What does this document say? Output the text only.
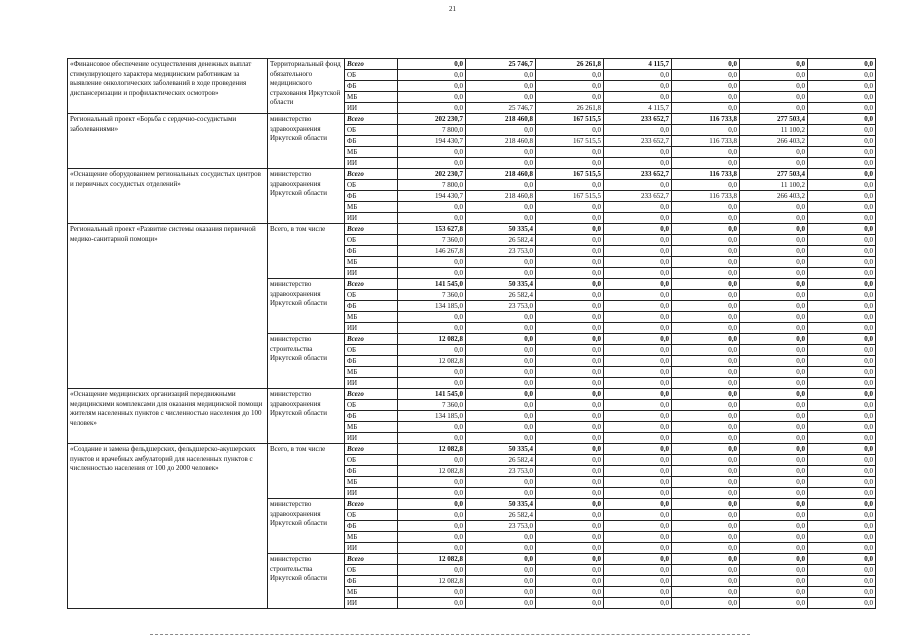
21
«Финансовое обеспечение осуществления денежных выплат стимулирующего характера медицинским работникам за выявление онкологических заболеваний в ходе проведения диспансеризации и профилактических осмотров»	Территориальный фонд обязательного медицинского страхования Иркутской области	Всего	0,0	25 746,7	26 261,8	4 115,7	0,0	0,0	0,0
		ОБ	0,0	0,0	0,0	0,0	0,0	0,0	0,0
		ФБ	0,0	0,0	0,0	0,0	0,0	0,0	0,0
		МБ	0,0	0,0	0,0	0,0	0,0	0,0	0,0
		ИИ	0,0	25 746,7	26 261,8	4 115,7	0,0	0,0	0,0
Региональный проект «Борьба с сердечно-сосудистыми заболеваниями»	министерство здравоохранения Иркутской области	Всего	202 230,7	218 460,8	167 515,5	233 652,7	116 733,8	277 503,4	0,0
		ОБ	7 800,0	0,0	0,0	0,0	0,0	11 100,2	0,0
		ФБ	194 430,7	218 460,8	167 515,5	233 652,7	116 733,8	266 403,2	0,0
		МБ	0,0	0,0	0,0	0,0	0,0	0,0	0,0
		ИИ	0,0	0,0	0,0	0,0	0,0	0,0	0,0
«Оснащение оборудованием региональных сосудистых центров и первичных сосудистых отделений»	министерство здравоохранения Иркутской области	Всего	202 230,7	218 460,8	167 515,5	233 652,7	116 733,8	277 503,4	0,0
		ОБ	7 800,0	0,0	0,0	0,0	0,0	11 100,2	0,0
		ФБ	194 430,7	218 460,8	167 515,5	233 652,7	116 733,8	266 403,2	0,0
		МБ	0,0	0,0	0,0	0,0	0,0	0,0	0,0
		ИИ	0,0	0,0	0,0	0,0	0,0	0,0	0,0
Региональный проект «Развитие системы оказания первичной медико-санитарной помощи»	Всего, в том числе	Всего	153 627,8	50 335,4	0,0	0,0	0,0	0,0	0,0
		ОБ	7 360,0	26 582,4	0,0	0,0	0,0	0,0	0,0
		ФБ	146 267,8	23 753,0	0,0	0,0	0,0	0,0	0,0
		МБ	0,0	0,0	0,0	0,0	0,0	0,0	0,0
		ИИ	0,0	0,0	0,0	0,0	0,0	0,0	0,0
	министерство здравоохранения Иркутской области	Всего	141 545,0	50 335,4	0,0	0,0	0,0	0,0	0,0
		ОБ	7 360,0	26 582,4	0,0	0,0	0,0	0,0	0,0
		ФБ	134 185,0	23 753,0	0,0	0,0	0,0	0,0	0,0
		МБ	0,0	0,0	0,0	0,0	0,0	0,0	0,0
		ИИ	0,0	0,0	0,0	0,0	0,0	0,0	0,0
	министерство строительства Иркутской области	Всего	12 082,8	0,0	0,0	0,0	0,0	0,0	0,0
		ОБ	0,0	0,0	0,0	0,0	0,0	0,0	0,0
		ФБ	12 082,8	0,0	0,0	0,0	0,0	0,0	0,0
		МБ	0,0	0,0	0,0	0,0	0,0	0,0	0,0
		ИИ	0,0	0,0	0,0	0,0	0,0	0,0	0,0
«Оснащение медицинских организаций передвижными медицинскими комплексами для оказания медицинской помощи жителям населенных пунктов с численностью населения до 100 человек»	министерство здравоохранения Иркутской области	Всего	141 545,0	0,0	0,0	0,0	0,0	0,0	0,0
		ОБ	7 360,0	0,0	0,0	0,0	0,0	0,0	0,0
		ФБ	134 185,0	0,0	0,0	0,0	0,0	0,0	0,0
		МБ	0,0	0,0	0,0	0,0	0,0	0,0	0,0
		ИИ	0,0	0,0	0,0	0,0	0,0	0,0	0,0
«Создание и замена фельдшерских, фельдшерско-акушерских пунктов и врачебных амбулаторий для населенных пунктов с численностью населения от 100 до 2000 человек»	Всего, в том числе	Всего	12 082,8	50 335,4	0,0	0,0	0,0	0,0	0,0
		ОБ	0,0	26 582,4	0,0	0,0	0,0	0,0	0,0
		ФБ	12 082,8	23 753,0	0,0	0,0	0,0	0,0	0,0
		МБ	0,0	0,0	0,0	0,0	0,0	0,0	0,0
		ИИ	0,0	0,0	0,0	0,0	0,0	0,0	0,0
	министерство здравоохранения Иркутской области	Всего	0,0	50 335,4	0,0	0,0	0,0	0,0	0,0
		ОБ	0,0	26 582,4	0,0	0,0	0,0	0,0	0,0
		ФБ	0,0	23 753,0	0,0	0,0	0,0	0,0	0,0
		МБ	0,0	0,0	0,0	0,0	0,0	0,0	0,0
		ИИ	0,0	0,0	0,0	0,0	0,0	0,0	0,0
	министерство строительства Иркутской области	Всего	12 082,8	0,0	0,0	0,0	0,0	0,0	0,0
		ОБ	0,0	0,0	0,0	0,0	0,0	0,0	0,0
		ФБ	12 082,8	0,0	0,0	0,0	0,0	0,0	0,0
		МБ	0,0	0,0	0,0	0,0	0,0	0,0	0,0
		ИИ	0,0	0,0	0,0	0,0	0,0	0,0	0,0
